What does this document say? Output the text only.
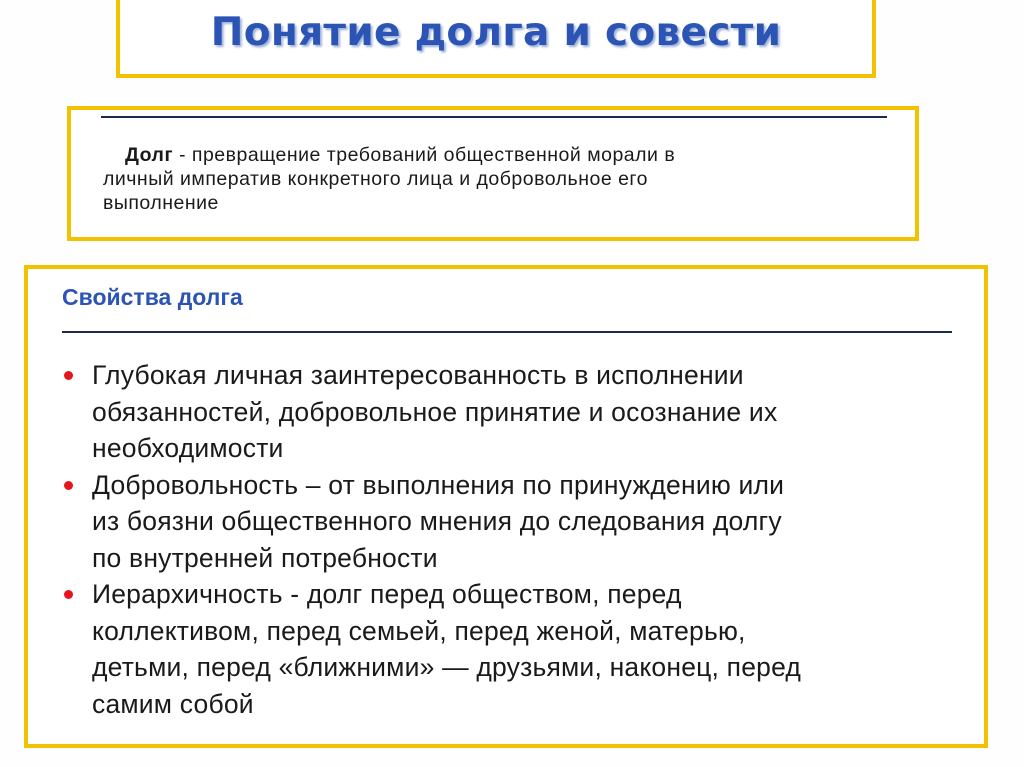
Понятие долга и совести
Долг - превращение требований общественной морали в
личный императив конкретного лица и добровольное его
выполнение
Свойства долга
Глубокая личная заинтересованность в исполнении
обязанностей, добровольное принятие и осознание их
необходимости
Добровольность – от выполнения по принуждению или
из боязни общественного мнения до следования долгу
по внутренней потребности
Иерархичность - долг перед обществом, перед
коллективом, перед семьей, перед женой, матерью,
детьми, перед «ближними» — друзьями, наконец, перед
самим собой
